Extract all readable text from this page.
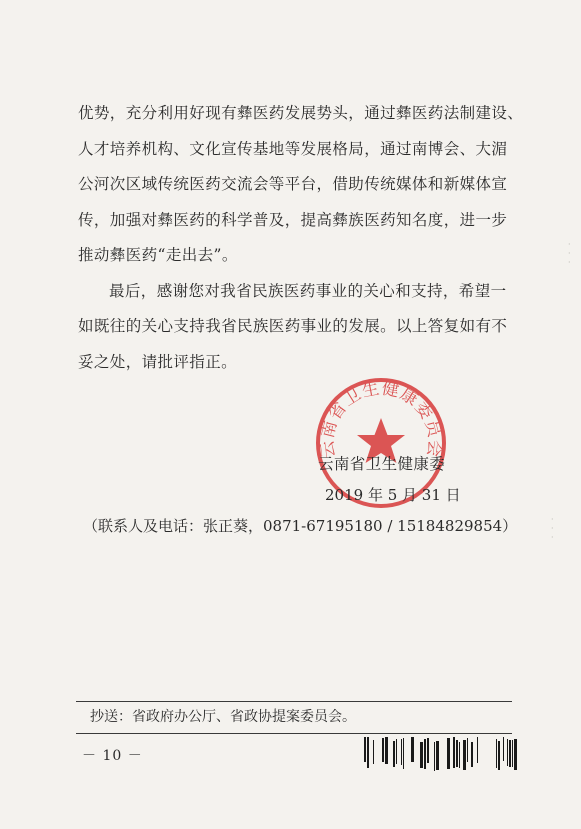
优势，充分利用好现有彝医药发展势头，通过彝医药法制建设、
人才培养机构、文化宣传基地等发展格局，通过南博会、大湄
公河次区域传统医药交流会等平台，借助传统媒体和新媒体宣
传，加强对彝医药的科学普及，提高彝族医药知名度，进一步
推动彝医药“走出去”。
最后，感谢您对我省民族医药事业的关心和支持，希望一
如既往的关心支持我省民族医药事业的发展。以上答复如有不
妥之处，请批评指正。
云南省卫生健康委员会
云南省卫生健康委
2019 年 5 月 31 日
（联系人及电话：张正葵，0871-67195180 / 15184829854）
抄送：省政府办公厅、省政协提案委员会。
－ 10 －
·
·
·
·
·
·
